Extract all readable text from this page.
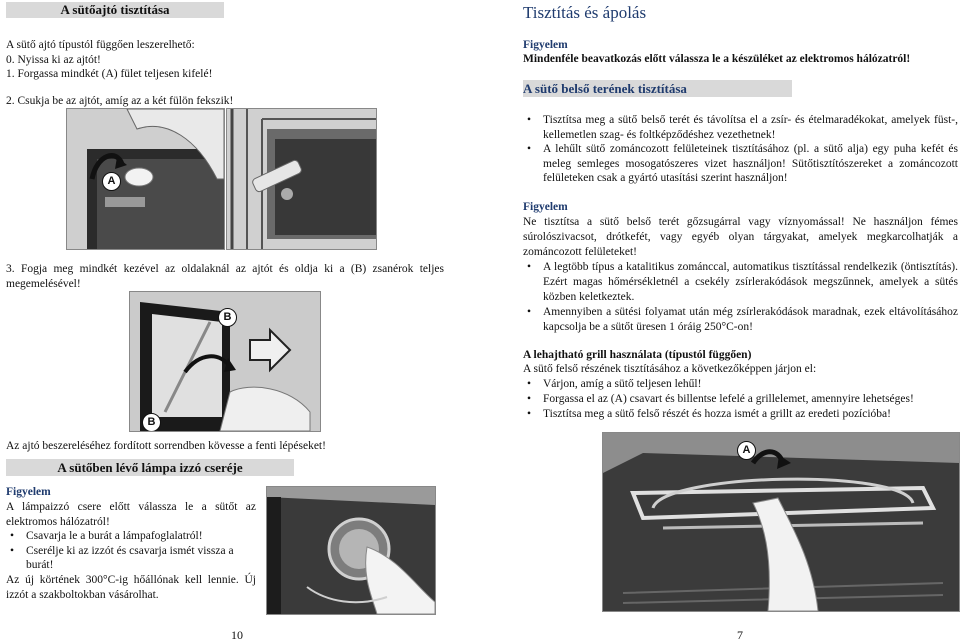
A sütőajtó tisztítása
A sütő ajtó típustól függően leszerelhető:
0. Nyissa ki az ajtót!
1. Forgassa mindkét (A) fület teljesen kifelé!
2. Csukja be az ajtót, amíg az a két fülön fekszik!
A
3. Fogja meg mindkét kezével az oldalaknál az ajtót és oldja ki a (B) zsanérok teljes megemelésével!
B
B
Az ajtó beszereléséhez fordított sorrendben kövesse a fenti lépéseket!
A sütőben lévő lámpa izzó cseréje
Figyelem
A lámpaizzó csere előtt válassza le a sütőt az elektromos hálózatról!
• Csavarja le a burát a lámpafoglalatról!
• Cserélje ki az izzót és csavarja ismét vissza a burát!
Az új körtének 300°C-ig hőállónak kell lennie. Új izzót a szakboltokban vásárolhat.
10
Tisztítás és ápolás
Figyelem
Mindenféle beavatkozás előtt válassza le a készüléket az elektromos hálózatról!
A sütő belső terének tisztítása
• Tisztítsa meg a sütő belső terét és távolítsa el a zsír- és ételmaradékokat, amelyek füst-, kellemetlen szag- és foltképződéshez vezethetnek!
• A lehűlt sütő zománcozott felületeinek tisztításához (pl. a sütő alja) egy puha kefét és meleg semleges mosogatószeres vizet használjon! Sütőtisztítószereket a zománcozott felületeken csak a gyártó utasítási szerint használjon!
Figyelem
Ne tisztítsa a sütő belső terét gőzsugárral vagy víznyomással! Ne használjon fémes súrolószivacsot, drótkefét, vagy egyéb olyan tárgyakat, amelyek megkarcolhatják a zománcozott felületeket!
• A legtöbb típus a katalitikus zománccal, automatikus tisztítással rendelkezik (öntisztítás). Ezért magas hőmérsékletnél a csekély zsírlerakódások megszűnnek, amelyek a sütés közben keletkeztek.
• Amennyiben a sütési folyamat után még zsírlerakódások maradnak, ezek eltávolításához kapcsolja be a sütőt üresen 1 óráig 250°C-on!
A lehajtható grill használata (típustól függően)
A sütő felső részének tisztításához a következőképpen járjon el:
• Várjon, amíg a sütő teljesen lehűl!
• Forgassa el az (A) csavart és billentse lefelé a grillelemet, amennyire lehetséges!
• Tisztítsa meg a sütő felső részét és hozza ismét a grillt az eredeti pozícióba!
A
7
